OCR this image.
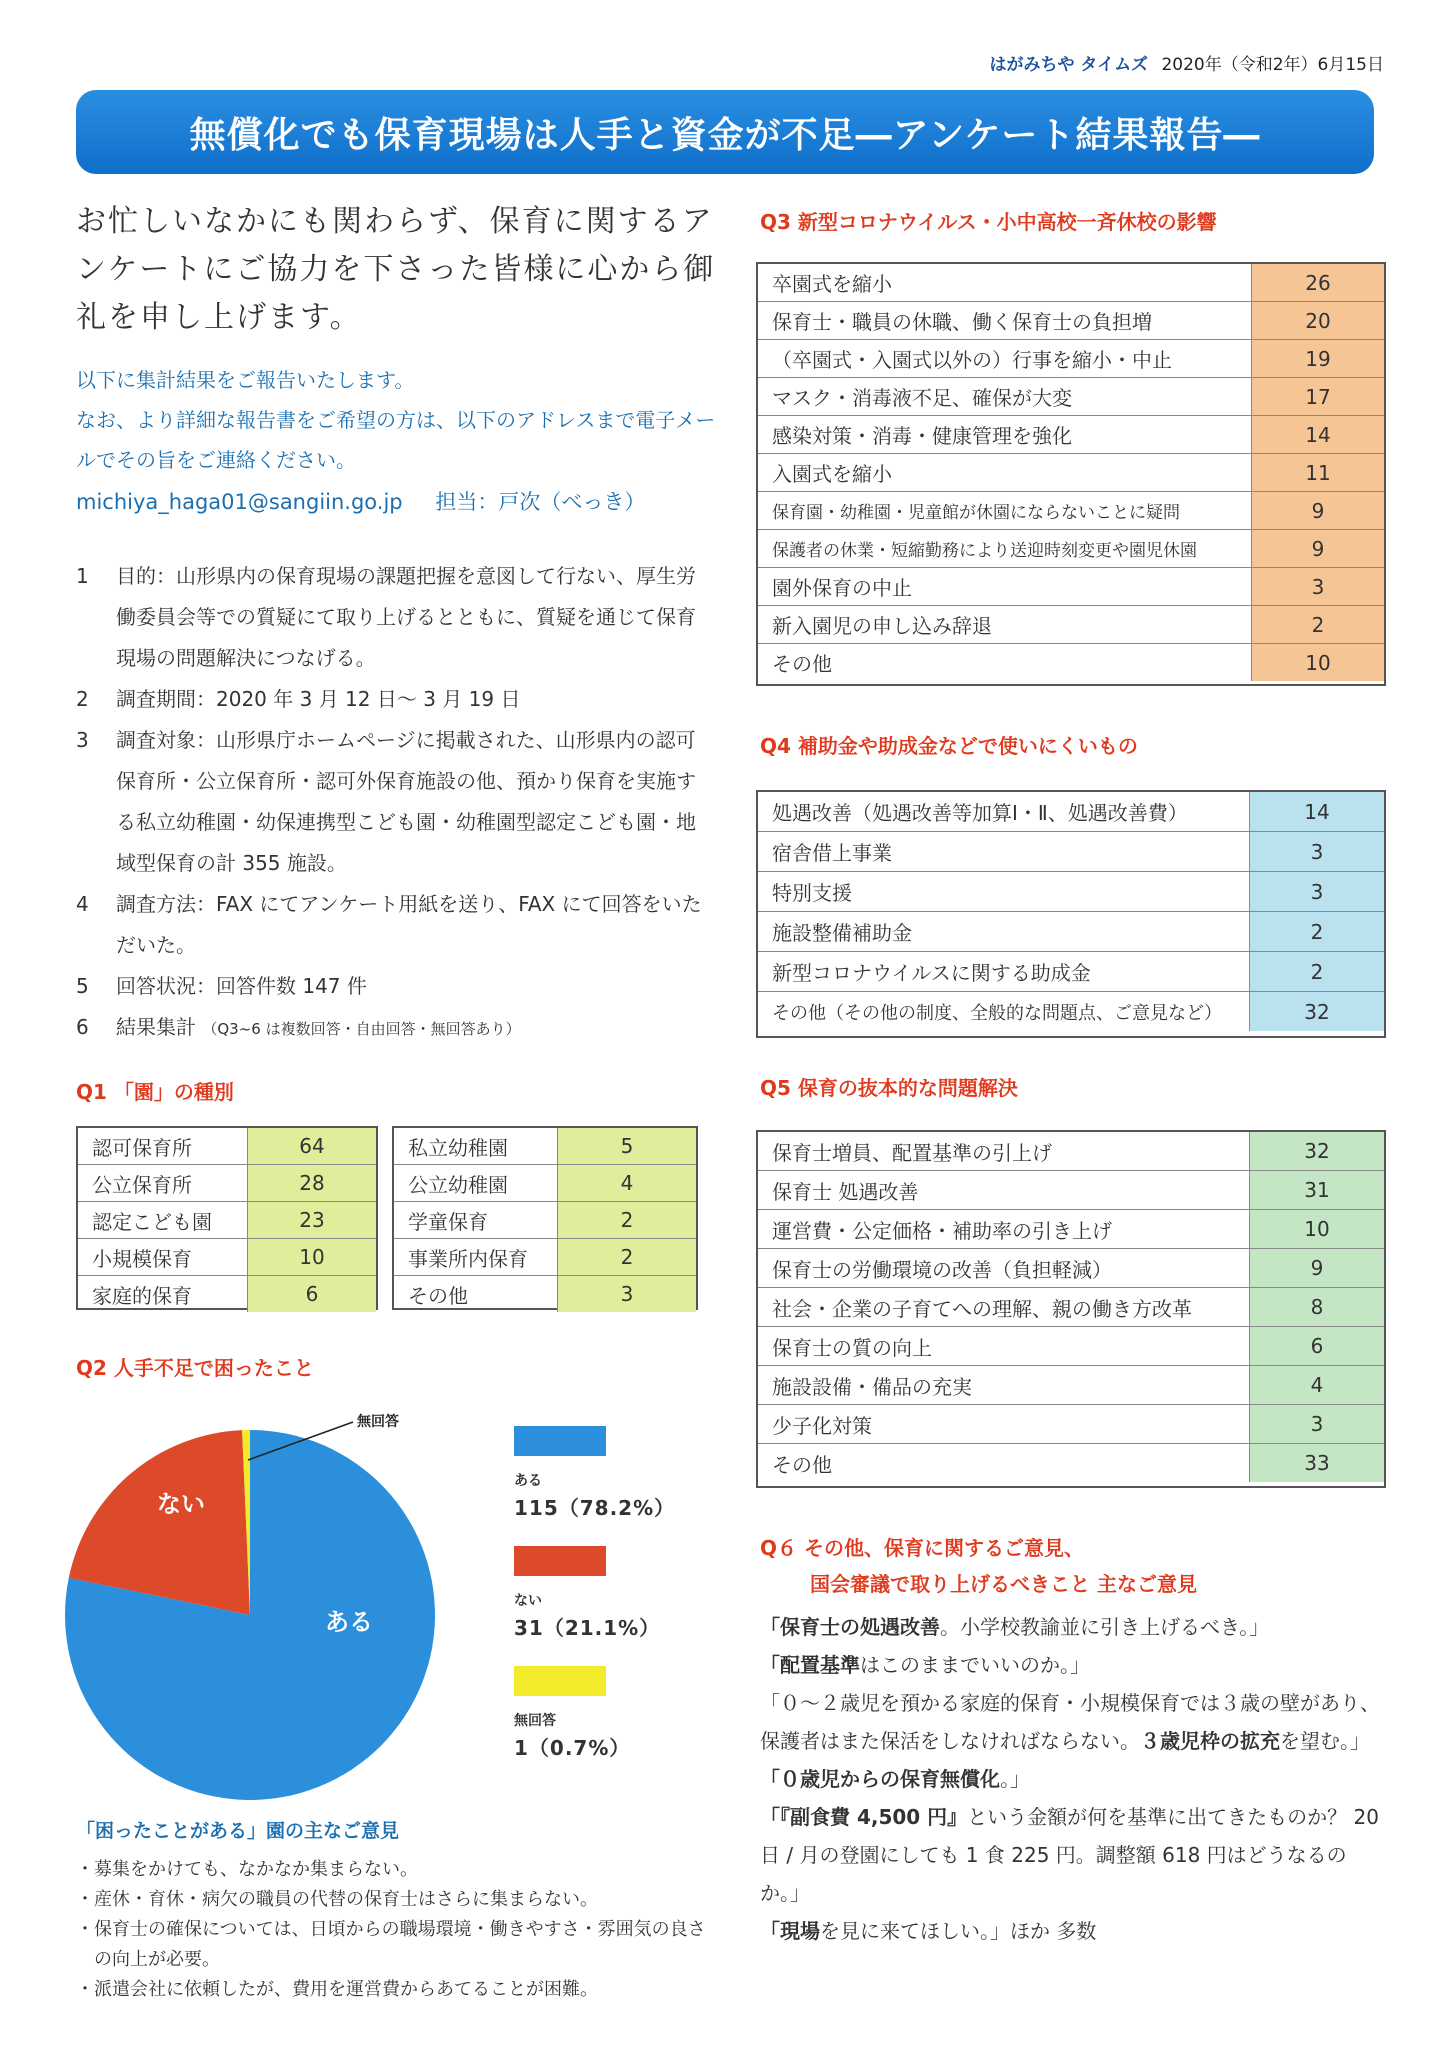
はがみちや タイムズ 2020年（令和2年）6月15日
無償化でも保育現場は人手と資金が不足―アンケート結果報告―
お忙しいなかにも関わらず、保育に関するアンケートにご協力を下さった皆様に心から御礼を申し上げます。
以下に集計結果をご報告いたします。
なお、より詳細な報告書をご希望の方は、以下のアドレスまで電子メールでその旨をご連絡ください。
michiya_haga01@sangiin.go.jp 担当：戸次（べっき）
1	目的：山形県内の保育現場の課題把握を意図して行ない、厚生労働委員会等での質疑にて取り上げるとともに、質疑を通じて保育現場の問題解決につなげる。
2	調査期間：2020 年 3 月 12 日～ 3 月 19 日
3	調査対象：山形県庁ホームページに掲載された、山形県内の認可保育所・公立保育所・認可外保育施設の他、預かり保育を実施する私立幼稚園・幼保連携型こども園・幼稚園型認定こども園・地域型保育の計 355 施設。
4	調査方法：FAX にてアンケート用紙を送り、FAX にて回答をいただいた。
5	回答状況：回答件数 147 件
6	結果集計 （Q3~6 は複数回答・自由回答・無回答あり）
Q1 「園」の種別
認可保育所	64
公立保育所	28
認定こども園	23
小規模保育	10
家庭的保育	6
私立幼稚園	5
公立幼稚園	4
学童保育	2
事業所内保育	2
その他	3
Q2 人手不足で困ったこと
ある
ない
無回答
ある
115（78.2%）
ない
31（21.1%）
無回答
1（0.7%）
「困ったことがある」園の主なご意見
・募集をかけても、なかなか集まらない。
・産休・育休・病欠の職員の代替の保育士はさらに集まらない。
・保育士の確保については、日頃からの職場環境・働きやすさ・雰囲気の良さの向上が必要。
・派遣会社に依頼したが、費用を運営費からあてることが困難。
Q3 新型コロナウイルス・小中高校一斉休校の影響
卒園式を縮小	26
保育士・職員の休職、働く保育士の負担増	20
（卒園式・入園式以外の）行事を縮小・中止	19
マスク・消毒液不足、確保が大変	17
感染対策・消毒・健康管理を強化	14
入園式を縮小	11
保育園・幼稚園・児童館が休園にならないことに疑問	9
保護者の休業・短縮勤務により送迎時刻変更や園児休園	9
園外保育の中止	3
新入園児の申し込み辞退	2
その他	10
Q4 補助金や助成金などで使いにくいもの
処遇改善（処遇改善等加算Ⅰ・Ⅱ、処遇改善費）	14
宿舎借上事業	3
特別支援	3
施設整備補助金	2
新型コロナウイルスに関する助成金	2
その他（その他の制度、全般的な問題点、ご意見など）	32
Q5 保育の抜本的な問題解決
保育士増員、配置基準の引上げ	32
保育士 処遇改善	31
運営費・公定価格・補助率の引き上げ	10
保育士の労働環境の改善（負担軽減）	9
社会・企業の子育てへの理解、親の働き方改革	8
保育士の質の向上	6
施設設備・備品の充実	4
少子化対策	3
その他	33
Q６ その他、保育に関するご意見、
国会審議で取り上げるべきこと 主なご意見

「保育士の処遇改善。小学校教諭並に引き上げるべき。」

「配置基準はこのままでいいのか。」

「０～２歳児を預かる家庭的保育・小規模保育では３歳の壁があり、保護者はまた保活をしなければならない。３歳児枠の拡充を望む。」

「０歳児からの保育無償化。」

「『副食費 4,500 円』という金額が何を基準に出てきたものか？ 20 日 / 月の登園にしても 1 食 225 円。調整額 618 円はどうなるのか。」

「現場を見に来てほしい。」ほか 多数
